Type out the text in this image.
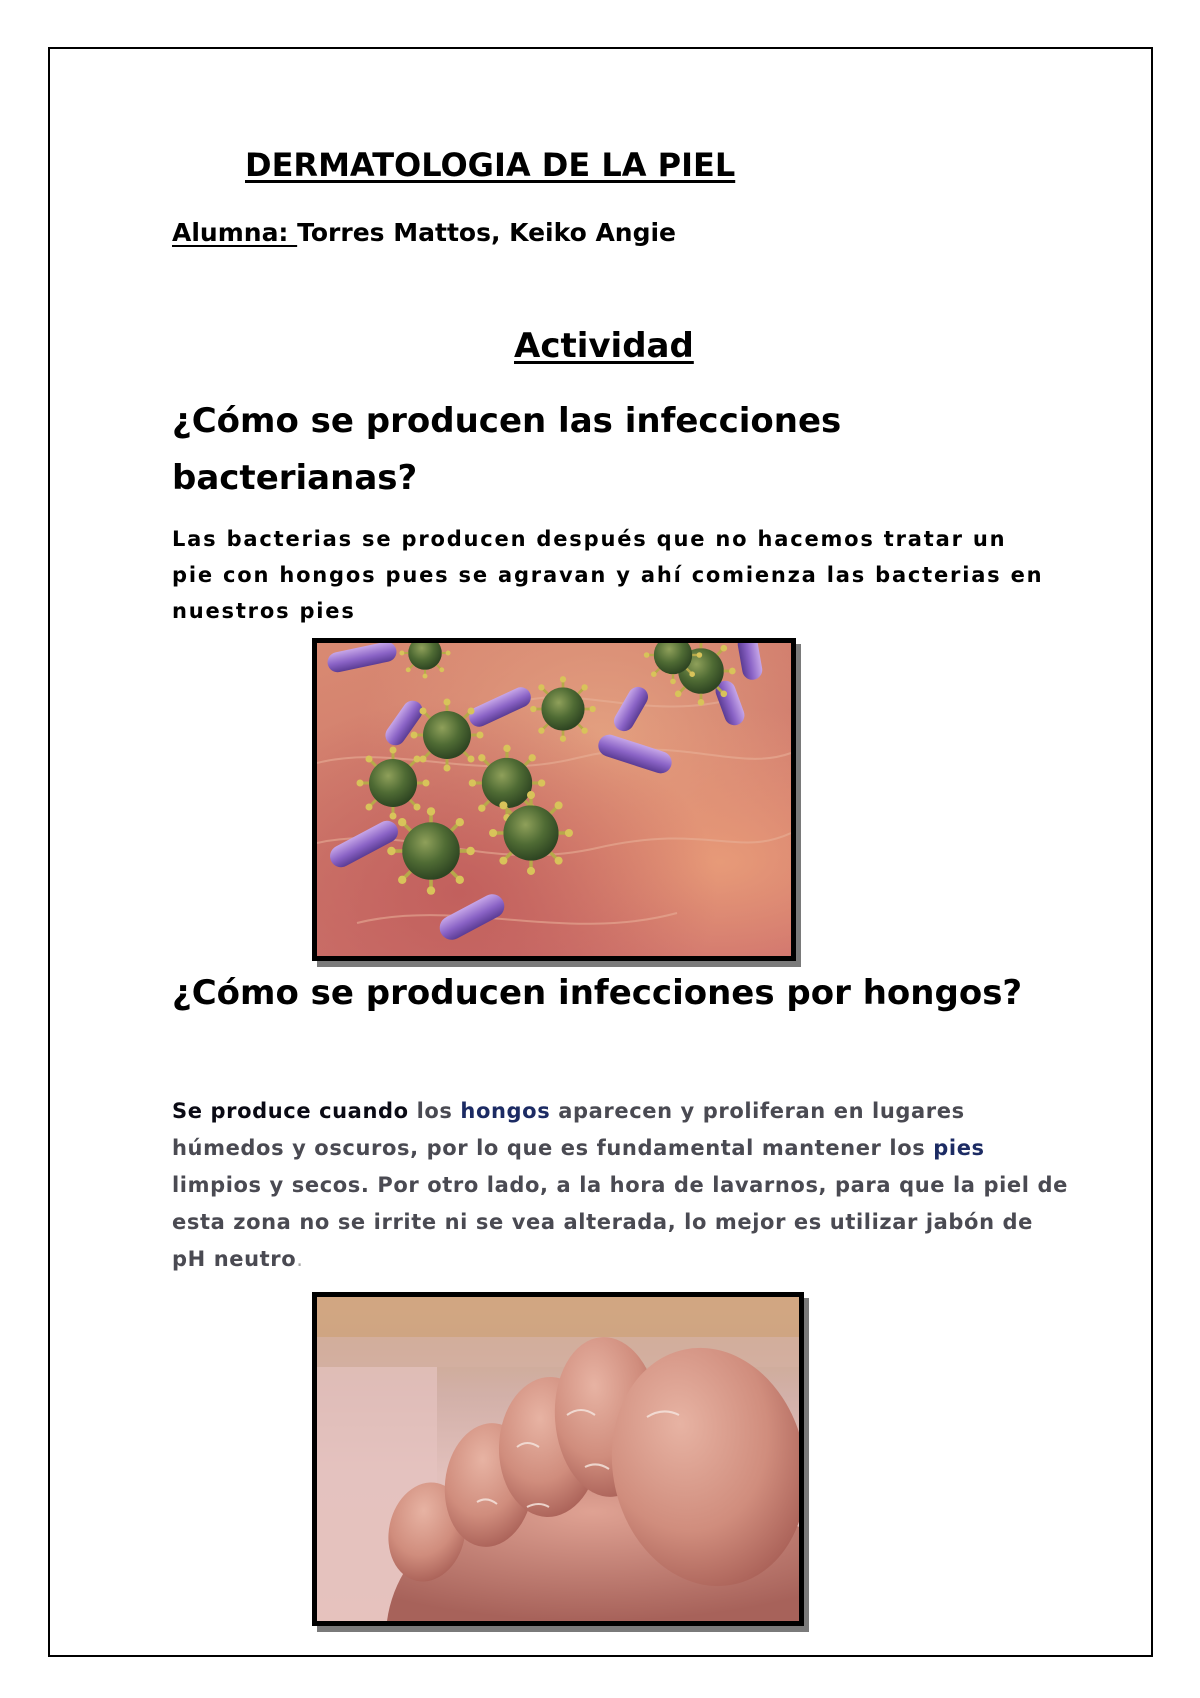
DERMATOLOGIA DE LA PIEL

Alumna: Torres Mattos, Keiko Angie

Actividad
¿Cómo se producen las infecciones bacterianas?

Las bacterias se producen después que no hacemos tratar un pie con hongos pues se agravan y ahí comienza las bacterias en nuestros pies

¿Cómo se producen infecciones por hongos?

Se produce cuando los hongos aparecen y proliferan en lugares húmedos y oscuros, por lo que es fundamental mantener los pies limpios y secos. Por otro lado, a la hora de lavarnos, para que la piel de esta zona no se irrite ni se vea alterada, lo mejor es utilizar jabón de pH neutro.
